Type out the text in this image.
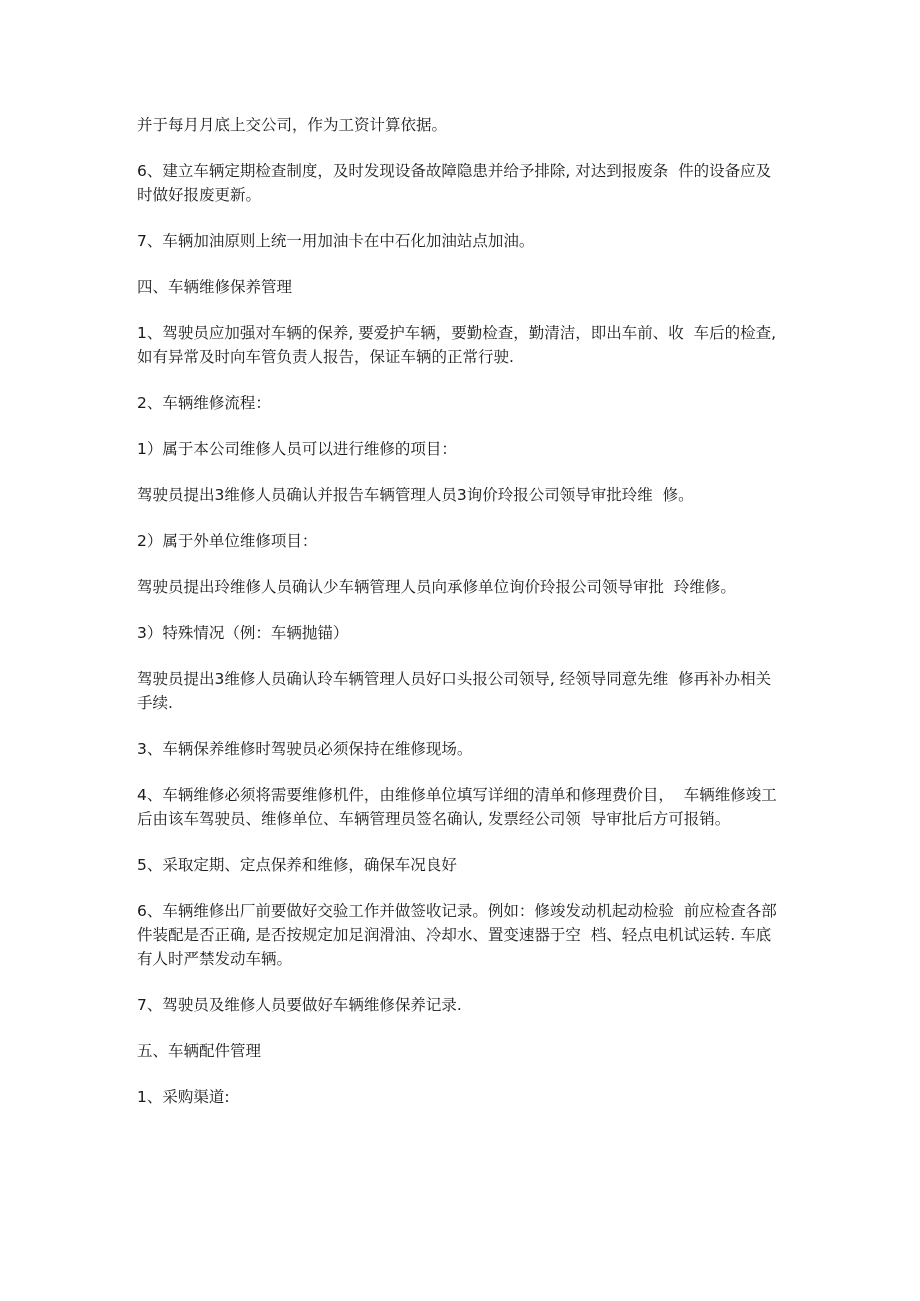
并于每月月底上交公司，作为工资计算依据。

6、建立车辆定期检查制度，及时发现设备故障隐患并给予排除, 对达到报废条  件的设备应及时做好报废更新。

7、车辆加油原则上统一用加油卡在中石化加油站点加油。

四、车辆维修保养管理

1、驾驶员应加强对车辆的保养, 要爱护车辆，要勤检查，勤清洁，即出车前、收  车后的检查, 如有异常及时向车管负责人报告，保证车辆的正常行驶.

2、车辆维修流程：

1）属于本公司维修人员可以进行维修的项目：

驾驶员提出3维修人员确认并报告车辆管理人员3询价玲报公司领导审批玲维  修。

2）属于外单位维修项目：

驾驶员提出玲维修人员确认少车辆管理人员向承修单位询价玲报公司领导审批  玲维修。

3）特殊情况（例：车辆抛锚）

驾驶员提出3维修人员确认玲车辆管理人员好口头报公司领导, 经领导同意先维  修再补办相关手续.

3、车辆保养维修时驾驶员必须保持在维修现场。

4、车辆维修必须将需要维修机件，由维修单位填写详细的清单和修理费价目，  车辆维修竣工后由该车驾驶员、维修单位、车辆管理员签名确认, 发票经公司领  导审批后方可报销。

5、采取定期、定点保养和维修，确保车况良好

6、车辆维修出厂前要做好交验工作并做签收记录。例如：修竣发动机起动检验  前应检查各部件装配是否正确, 是否按规定加足润滑油、冷却水、置变速器于空  档、轻点电机试运转. 车底有人时严禁发动车辆。

7、驾驶员及维修人员要做好车辆维修保养记录.

五、车辆配件管理

1、采购渠道:
